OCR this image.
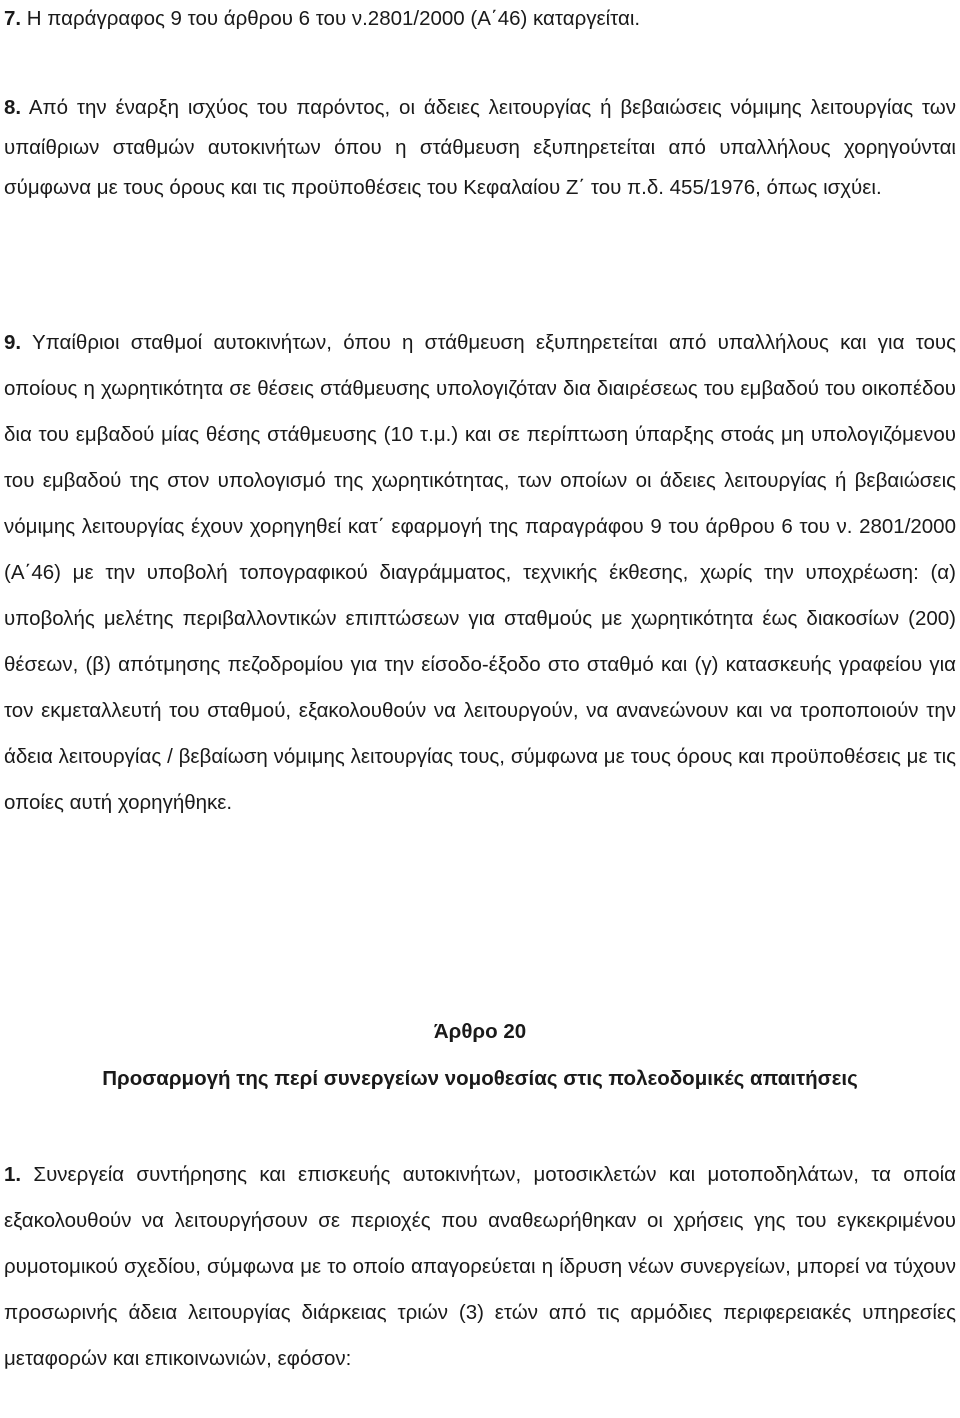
7. Η παράγραφος 9 του άρθρου 6 του ν.2801/2000 (Α΄46) καταργείται.

8. Από την έναρξη ισχύος του παρόντος, οι άδειες λειτουργίας ή βεβαιώσεις νόμιμης λειτουργίας των υπαίθριων σταθμών αυτοκινήτων όπου η στάθμευση εξυπηρετείται από υπαλλήλους χορηγούνται σύμφωνα με τους όρους και τις προϋποθέσεις του Κεφαλαίου Ζ΄ του π.δ. 455/1976, όπως ισχύει.

9. Υπαίθριοι σταθμοί αυτοκινήτων, όπου η στάθμευση εξυπηρετείται από υπαλλήλους και για τους οποίους η χωρητικότητα σε θέσεις στάθμευσης υπολογιζόταν δια διαιρέσεως του εμβαδού του οικοπέδου δια του εμβαδού μίας θέσης στάθμευσης (10 τ.μ.) και σε περίπτωση ύπαρξης στοάς μη υπολογιζόμενου του εμβαδού της στον υπολογισμό της χωρητικότητας, των οποίων οι άδειες λειτουργίας ή βεβαιώσεις νόμιμης λειτουργίας έχουν χορηγηθεί κατ΄ εφαρμογή της παραγράφου 9 του άρθρου 6 του ν. 2801/2000 (Α΄46) με την υποβολή τοπογραφικού διαγράμματος, τεχνικής έκθεσης, χωρίς την υποχρέωση: (α) υποβολής μελέτης περιβαλλοντικών επιπτώσεων για σταθμούς με χωρητικότητα έως διακοσίων (200) θέσεων, (β) απότμησης πεζοδρομίου για την είσοδο-έξοδο στο σταθμό και (γ) κατασκευής γραφείου για τον εκμεταλλευτή του σταθμού, εξακολουθούν να λειτουργούν, να ανανεώνουν και να τροποποιούν την άδεια λειτουργίας / βεβαίωση νόμιμης λειτουργίας τους, σύμφωνα με τους όρους και προϋποθέσεις με τις οποίες αυτή χορηγήθηκε.

Άρθρο 20
Προσαρμογή της περί συνεργείων νομοθεσίας στις πολεοδομικές απαιτήσεις

1. Συνεργεία συντήρησης και επισκευής αυτοκινήτων, μοτοσικλετών και μοτοποδηλάτων, τα οποία εξακολουθούν να λειτουργήσουν σε περιοχές που αναθεωρήθηκαν οι χρήσεις γης του εγκεκριμένου ρυμοτομικού σχεδίου, σύμφωνα με το οποίο απαγορεύεται η ίδρυση νέων συνεργείων, μπορεί να τύχουν προσωρινής άδεια λειτουργίας διάρκειας τριών (3) ετών από τις αρμόδιες περιφερειακές υπηρεσίες μεταφορών και επικοινωνιών, εφόσον:
